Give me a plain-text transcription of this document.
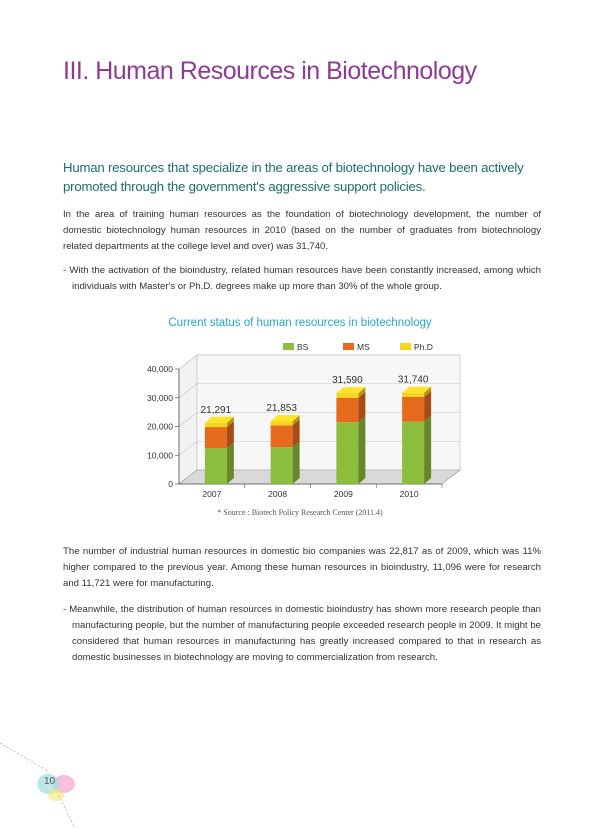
III. Human Resources in Biotechnology
Human resources that specialize in the areas of biotechnology have been actively promoted through the government's aggressive support policies.
In the area of training human resources as the foundation of biotechnology development, the number of domestic biotechnology human resources in 2010 (based on the number of graduates from biotechnology related departments at the college level and over) was 31,740.
- With the activation of the bioindustry, related human resources have been constantly increased, among which individuals with Master's or Ph.D. degrees make up more than 30% of the whole group.
Current status of human resources in biotechnology
0
10,000
20,000
30,000
40,000
21,291
2007
21,853
2008
31,590
2009
31,740
2010
BS	MS	Ph.D
* Source : Biotech Policy Research Center (2011.4)
The number of industrial human resources in domestic bio companies was 22,817 as of 2009, which was 11% higher compared to the previous year. Among these human resources in bioindustry, 11,096 were for research and 11,721 were for manufacturing.
- Meanwhile, the distribution of human resources in domestic bioindustry has shown more research people than manufacturing people, but the number of manufacturing people exceeded research people in 2009. It might be considered that human resources in manufacturing has greatly increased compared to that in research as domestic businesses in biotechnology are moving to commercialization from research.
10
